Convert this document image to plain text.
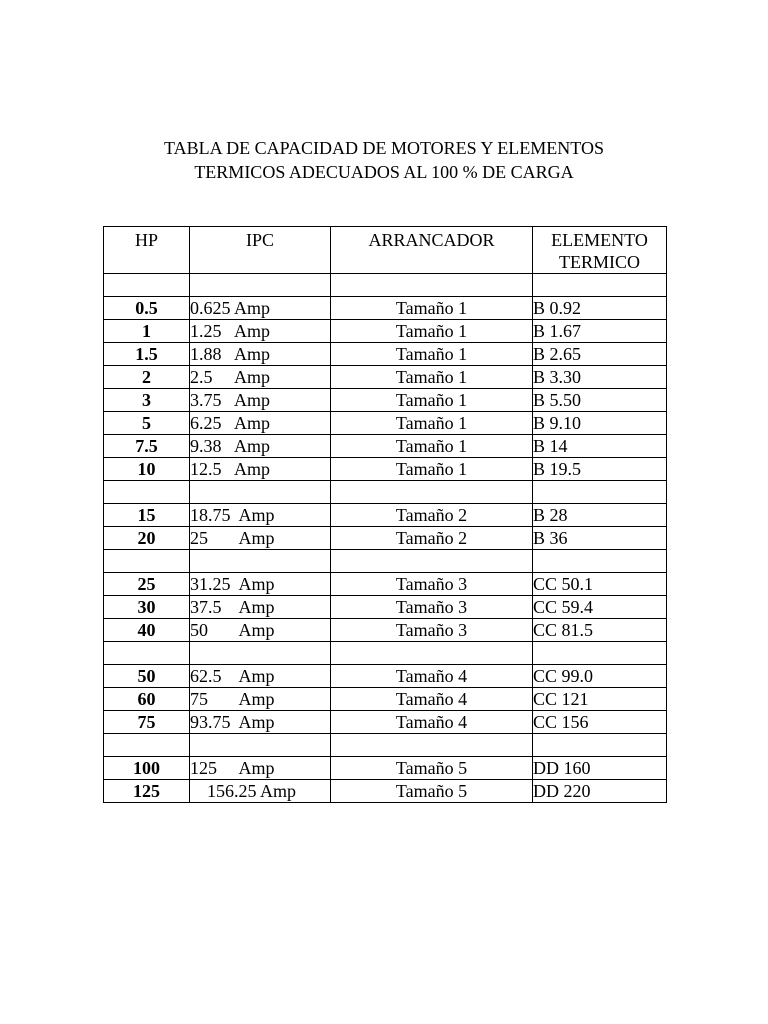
TABLA DE CAPACIDAD DE MOTORES Y ELEMENTOS
TERMICOS ADECUADOS AL 100 % DE CARGA
HP	IPC	ARRANCADOR	ELEMENTO
TERMICO

0.5	0.625 Amp	Tamaño 1	B 0.92
1	1.25   Amp	Tamaño 1	B 1.67
1.5	1.88   Amp	Tamaño 1	B 2.65
2	2.5     Amp	Tamaño 1	B 3.30
3	3.75   Amp	Tamaño 1	B 5.50
5	6.25   Amp	Tamaño 1	B 9.10
7.5	9.38   Amp	Tamaño 1	B 14
10	12.5   Amp	Tamaño 1	B 19.5

15	18.75  Amp	Tamaño 2	B 28
20	25       Amp	Tamaño 2	B 36

25	31.25  Amp	Tamaño 3	CC 50.1
30	37.5    Amp	Tamaño 3	CC 59.4
40	50       Amp	Tamaño 3	CC 81.5

50	62.5    Amp	Tamaño 4	CC 99.0
60	75       Amp	Tamaño 4	CC 121
75	93.75  Amp	Tamaño 4	CC 156

100	125     Amp	Tamaño 5	DD 160
125	156.25 Amp	Tamaño 5	DD 220
